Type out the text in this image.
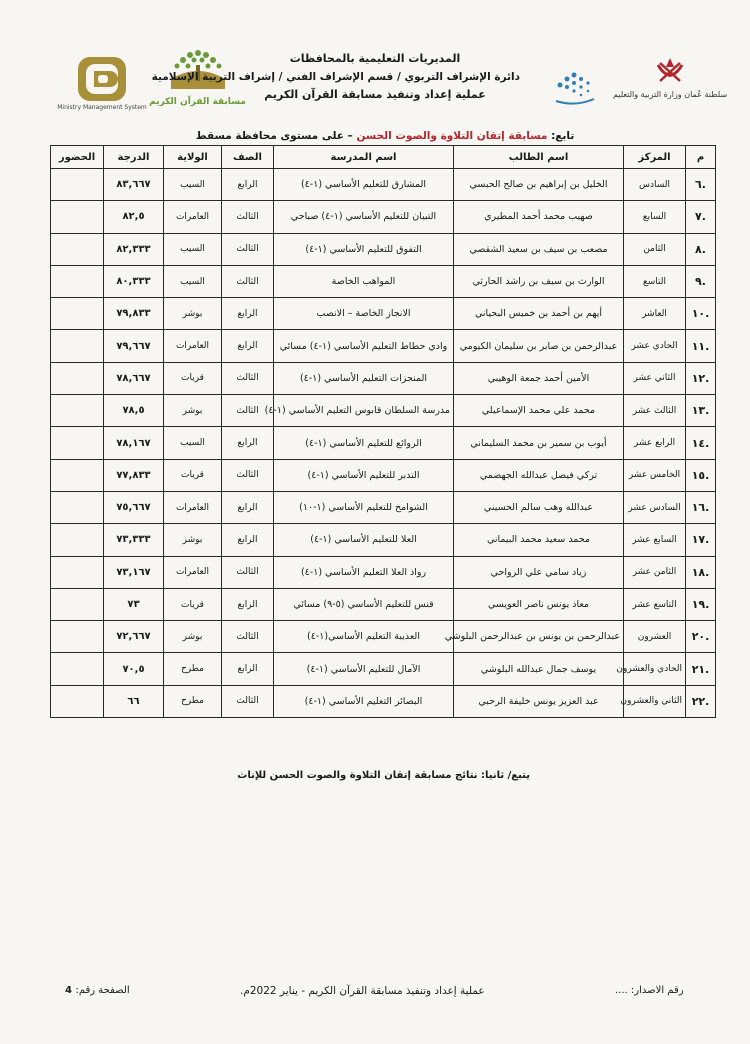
Ministry Management System
مسابقة القرآن الكريم
المديريات التعليمية بالمحافظات
دائرة الإشراف التربوي / قسم الإشراف الفني / إشراف التربية الإسلامية
عملية إعداد وتنفيذ مسابقة القرآن الكريم	سلطنة عُمان وزارة التربية والتعليم
تابع: مسابقة إتقان التلاوة والصوت الحسن – على مستوى محافظة مسقط
م	المركز	اسم الطالب	اسم المدرسة	الصف	الولاية	الدرجة	الحضور
.٦	السادس	الخليل بن إبراهيم بن صالح الحبسي	المشارق للتعليم الأساسي (١-٤)	الرابع	السيب	٨٣,٦٦٧	
.٧	السابع	صهيب محمد أحمد المطيري	التبيان للتعليم الأساسي (١-٤) صباحي	الثالث	العامرات	٨٢,٥	
.٨	الثامن	مصعب بن سيف بن سعيد الشقصي	التفوق للتعليم الأساسي (١-٤)	الثالث	السيب	٨٢,٣٣٣	
.٩	التاسع	الوارث بن سيف بن راشد الحارثي	المواهب الخاصة	الثالث	السيب	٨٠,٣٣٣	
.١٠	العاشر	أيهم بن أحمد بن خميس البحياني	الانجاز الخاصة – الانصب	الرابع	بوشر	٧٩,٨٣٣	
.١١	الحادي عشر	عبدالرحمن بن صابر بن سليمان الكيومي	وادي حطاط التعليم الأساسي (١-٤) مسائي	الرابع	العامرات	٧٩,٦٦٧	
.١٢	الثاني عشر	الأمين أحمد جمعة الوهيبي	المنجزات التعليم الأساسي (١-٤)	الثالث	قريات	٧٨,٦٦٧	
.١٣	الثالث عشر	محمد علي محمد الإسماعيلي	مدرسة السلطان قابوس التعليم الأساسي (١-٤)	الثالث	بوشر	٧٨,٥	
.١٤	الرابع عشر	أيوب بن سمير بن محمد السليماني	الروائع للتعليم الأساسي (١-٤)	الرابع	السيب	٧٨,١٦٧	
.١٥	الخامس عشر	تركي فيصل عبدالله الجهضمي	التدبر للتعليم الأساسي (١-٤)	الثالث	قريات	٧٧,٨٣٣	
.١٦	السادس عشر	عبدالله وهب سالم الحسيني	الشوامخ للتعليم الأساسي (١-١٠)	الرابع	العامرات	٧٥,٦٦٧	
.١٧	السابع عشر	محمد سعيد محمد البيماني	العلا للتعليم الأساسي (١-٤)	الرابع	بوشر	٧٣,٣٣٣	
.١٨	الثامن عشر	زياد سامي علي الرواحي	رواد العلا التعليم الأساسي (١-٤)	الثالث	العامرات	٧٣,١٦٧	
.١٩	التاسع عشر	معاذ يونس ناصر العويسي	قنس للتعليم الأساسي (٥-٩) مسائي	الرابع	قريات	٧٣	
.٢٠	العشرون	عبدالرحمن بن يونس بن عبدالرحمن البلوشي	العذيبة التعليم الأساسي(١-٤)	الثالث	بوشر	٧٢,٦٦٧	
.٢١	الحادي والعشرون	يوسف جمال عبدالله البلوشي	الآمال للتعليم الأساسي (١-٤)	الرابع	مطرح	٧٠,٥	
.٢٢	الثاني والعشرون	عبد العزيز يونس خليفة الرحبي	البصائر التعليم الأساسي (١-٤)	الثالث	مطرح	٦٦	
يتبع/ ثانيا: نتائج مسابقة إتقان التلاوة والصوت الحسن للإناث
الصفحة رقم: 4	عملية إعداد وتنفيذ مسابقة القرآن الكريم - يناير 2022م.	رقم الاصدار: ....
